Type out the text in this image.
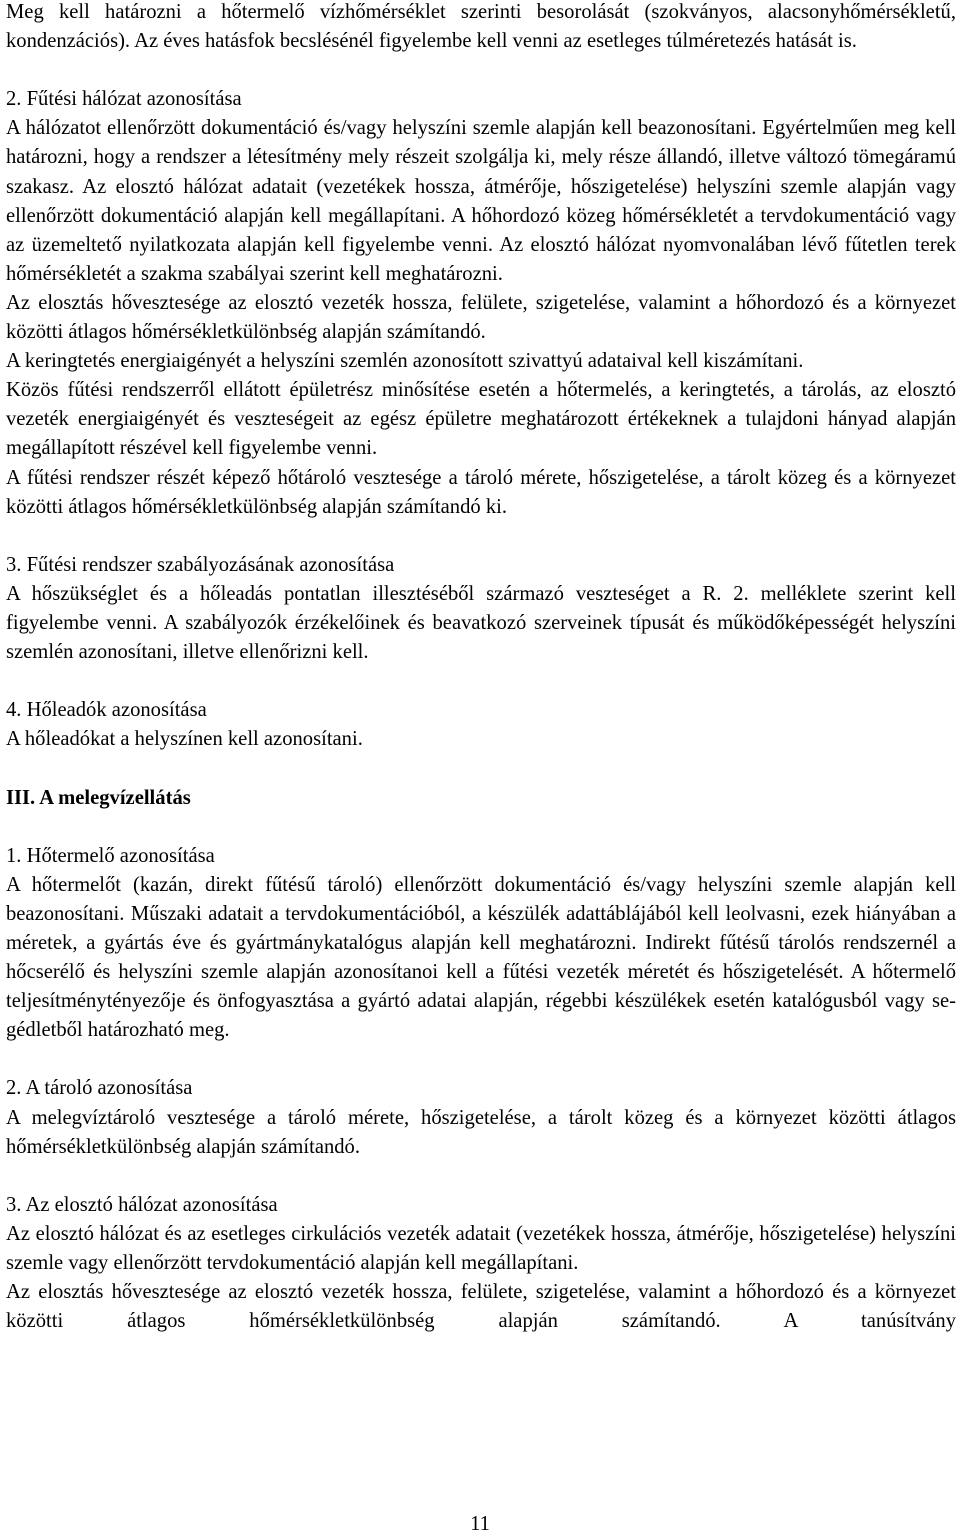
Meg kell határozni a hőtermelő vízhőmérséklet szerinti besorolását (szokványos, alacsonyhőmérsékletű, kondenzációs). Az éves hatásfok becslésénél figyelembe kell venni az esetleges túlméretezés hatását is.

2. Fűtési hálózat azonosítása

A hálózatot ellenőrzött dokumentáció és/vagy helyszíni szemle alapján kell beazonosítani. Egyértelműen meg kell határozni, hogy a rendszer a létesítmény mely részeit szolgálja ki, mely része állandó, illetve változó tömegáramú szakasz. Az elosztó hálózat adatait (vezetékek hossza, átmérője, hőszigetelése) helyszíni szemle alapján vagy ellenőrzött dokumentáció alapján kell megállapítani. A hőhordozó közeg hőmérsékletét a tervdokumentáció vagy az üzemeltető nyilatkozata alapján kell figyelembe venni. Az elosztó hálózat nyomvonalában lévő fűtetlen terek hőmérsékletét a szakma szabályai szerint kell meghatározni.

Az elosztás hővesztesége az elosztó vezeték hossza, felülete, szigetelése, valamint a hőhordozó és a környezet közötti átlagos hőmérsékletkülönbség alapján számítandó.

A keringtetés energiaigényét a helyszíni szemlén azonosított szivattyú adataival kell kiszámítani.

Közös fűtési rendszerről ellátott épületrész minősítése esetén a hőtermelés, a keringtetés, a tárolás, az elosztó vezeték energiaigényét és veszteségeit az egész épületre meghatározott értékeknek a tulajdoni hányad alapján megállapított részével kell figyelembe venni.

A fűtési rendszer részét képező hőtároló vesztesége a tároló mérete, hőszigetelése, a tárolt közeg és a környezet közötti átlagos hőmérsékletkülönbség alapján számítandó ki.

3. Fűtési rendszer szabályozásának azonosítása

A hőszükséglet és a hőleadás pontatlan illesztéséből származó veszteséget a R. 2. melléklete szerint kell figyelembe venni. A szabályozók érzékelőinek és beavatkozó szerveinek típusát és működőképességét helyszíni szemlén azonosítani, illetve ellenőrizni kell.

4. Hőleadók azonosítása

A hőleadókat a helyszínen kell azonosítani.

III. A melegvízellátás

1. Hőtermelő azonosítása

A hőtermelőt (kazán, direkt fűtésű tároló) ellenőrzött dokumentáció és/vagy helyszíni szemle alapján kell beazonosítani. Műszaki adatait a tervdokumentációból, a készülék adattáblájából kell leolvasni, ezek hiányában a méretek, a gyártás éve és gyártmánykatalógus alapján kell meghatározni. Indirekt fűtésű tárolós rendszernél a hőcserélő és helyszíni szemle alapján azonosítanoi kell a fűtési vezeték méretét és hőszigetelését. A hőtermelő teljesítménytényezője és önfogyasztása a gyártó adatai alapján, régebbi készülékek esetén katalógusból vagy segédletből határozható meg.

2. A tároló azonosítása

A melegvíztároló vesztesége a tároló mérete, hőszigetelése, a tárolt közeg és a környezet közötti átlagos hőmérsékletkülönbség alapján számítandó.

3. Az elosztó hálózat azonosítása

Az elosztó hálózat és az esetleges cirkulációs vezeték adatait (vezetékek hossza, átmérője, hőszigetelése) helyszíni szemle vagy ellenőrzött tervdokumentáció alapján kell megállapítani.

Az elosztás hővesztesége az elosztó vezeték hossza, felülete, szigetelése, valamint a hőhordozó és a környezet közötti átlagos hőmérsékletkülönbség alapján számítandó. A tanúsítvány

11
